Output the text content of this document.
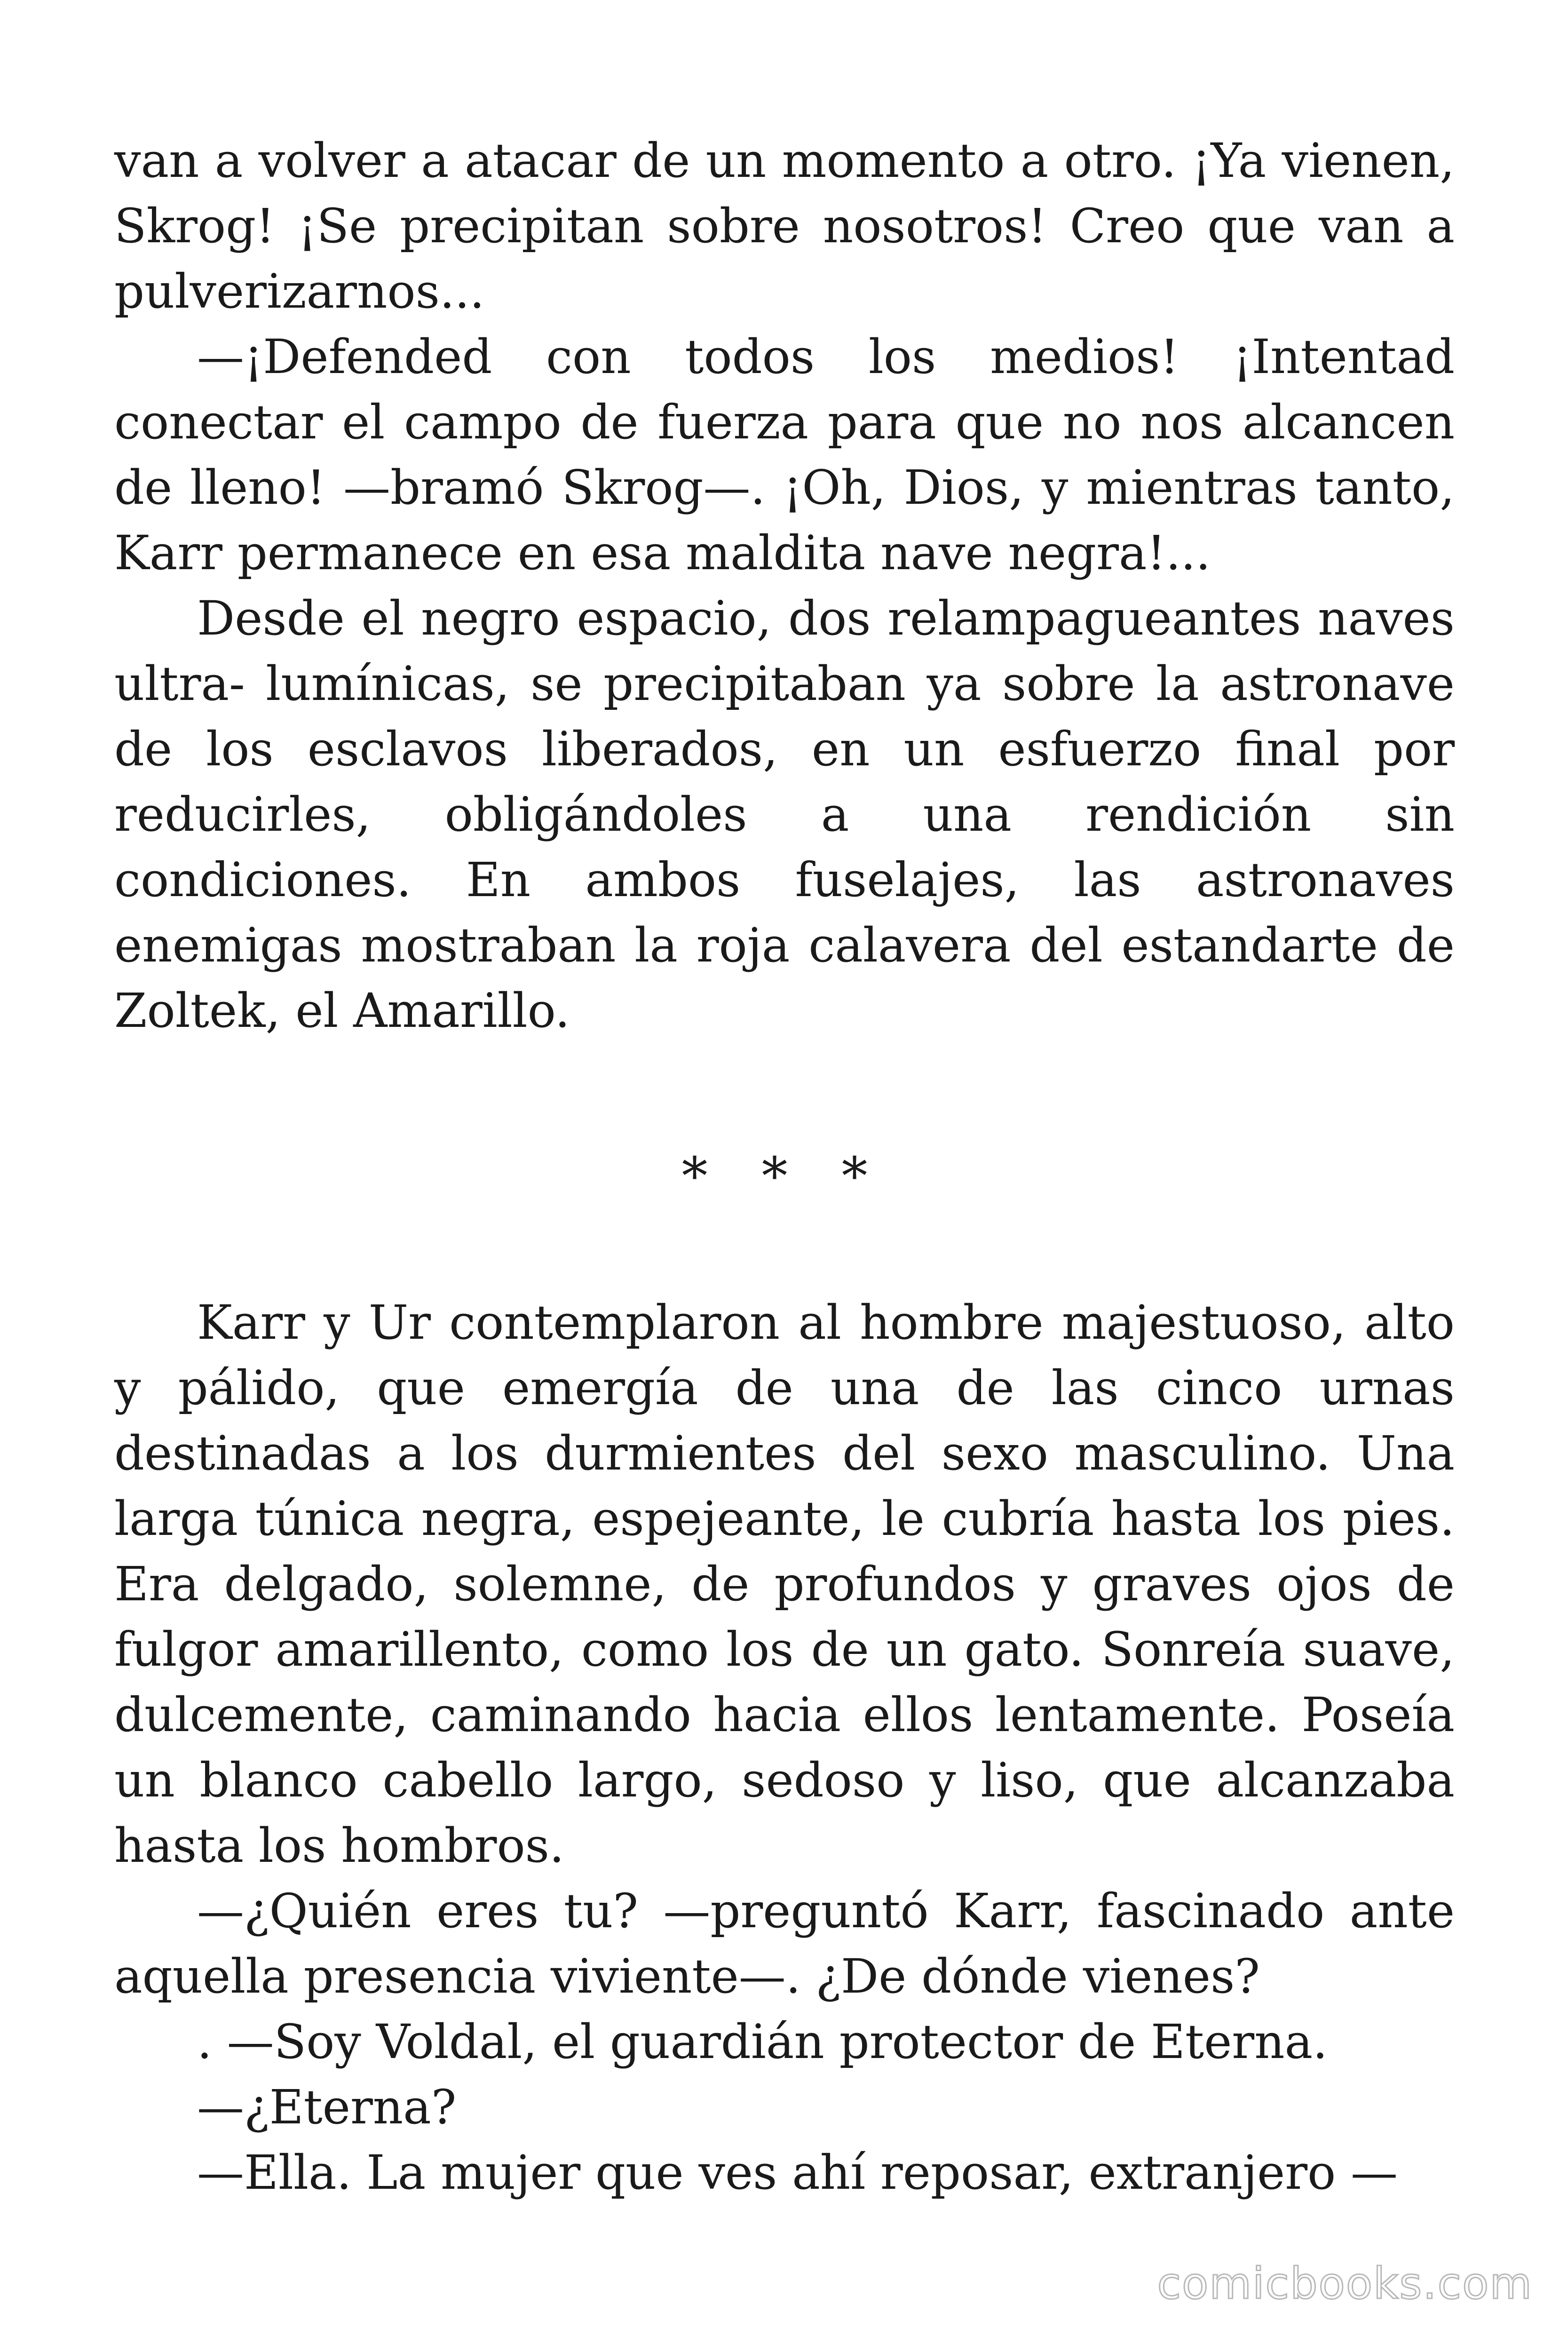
van a volver a atacar de un momento a otro. ¡Ya vienen, Skrog! ¡Se precipitan sobre nosotros! Creo que van a pulverizarnos...

—¡Defended con todos los medios! ¡Intentad conectar el campo de fuerza para que no nos alcancen de lleno! —bramó Skrog—. ¡Oh, Dios, y mientras tanto, Karr permanece en esa maldita nave negra!...

Desde el negro espacio, dos relampagueantes naves ultra- lumínicas, se precipitaban ya sobre la astronave de los esclavos liberados, en un esfuerzo final por reducirles, obligándoles a una rendición sin condiciones. En ambos fuselajes, las astronaves enemigas mostraban la roja calavera del estandarte de Zoltek, el Amarillo.

* * *

Karr y Ur contemplaron al hombre majestuoso, alto y pálido, que emergía de una de las cinco urnas destinadas a los durmientes del sexo masculino. Una larga túnica negra, espejeante, le cubría hasta los pies. Era delgado, solemne, de profundos y graves ojos de fulgor amarillento, como los de un gato. Sonreía suave, dulcemente, caminando hacia ellos lentamente. Poseía un blanco cabello largo, sedoso y liso, que alcanzaba hasta los hombros.

—¿Quién eres tu? —preguntó Karr, fascinado ante aquella presencia viviente—. ¿De dónde vienes?

. —Soy Voldal, el guardián protector de Eterna.

—¿Eterna?

—Ella. La mujer que ves ahí reposar, extranjero —

comicbooks.com
